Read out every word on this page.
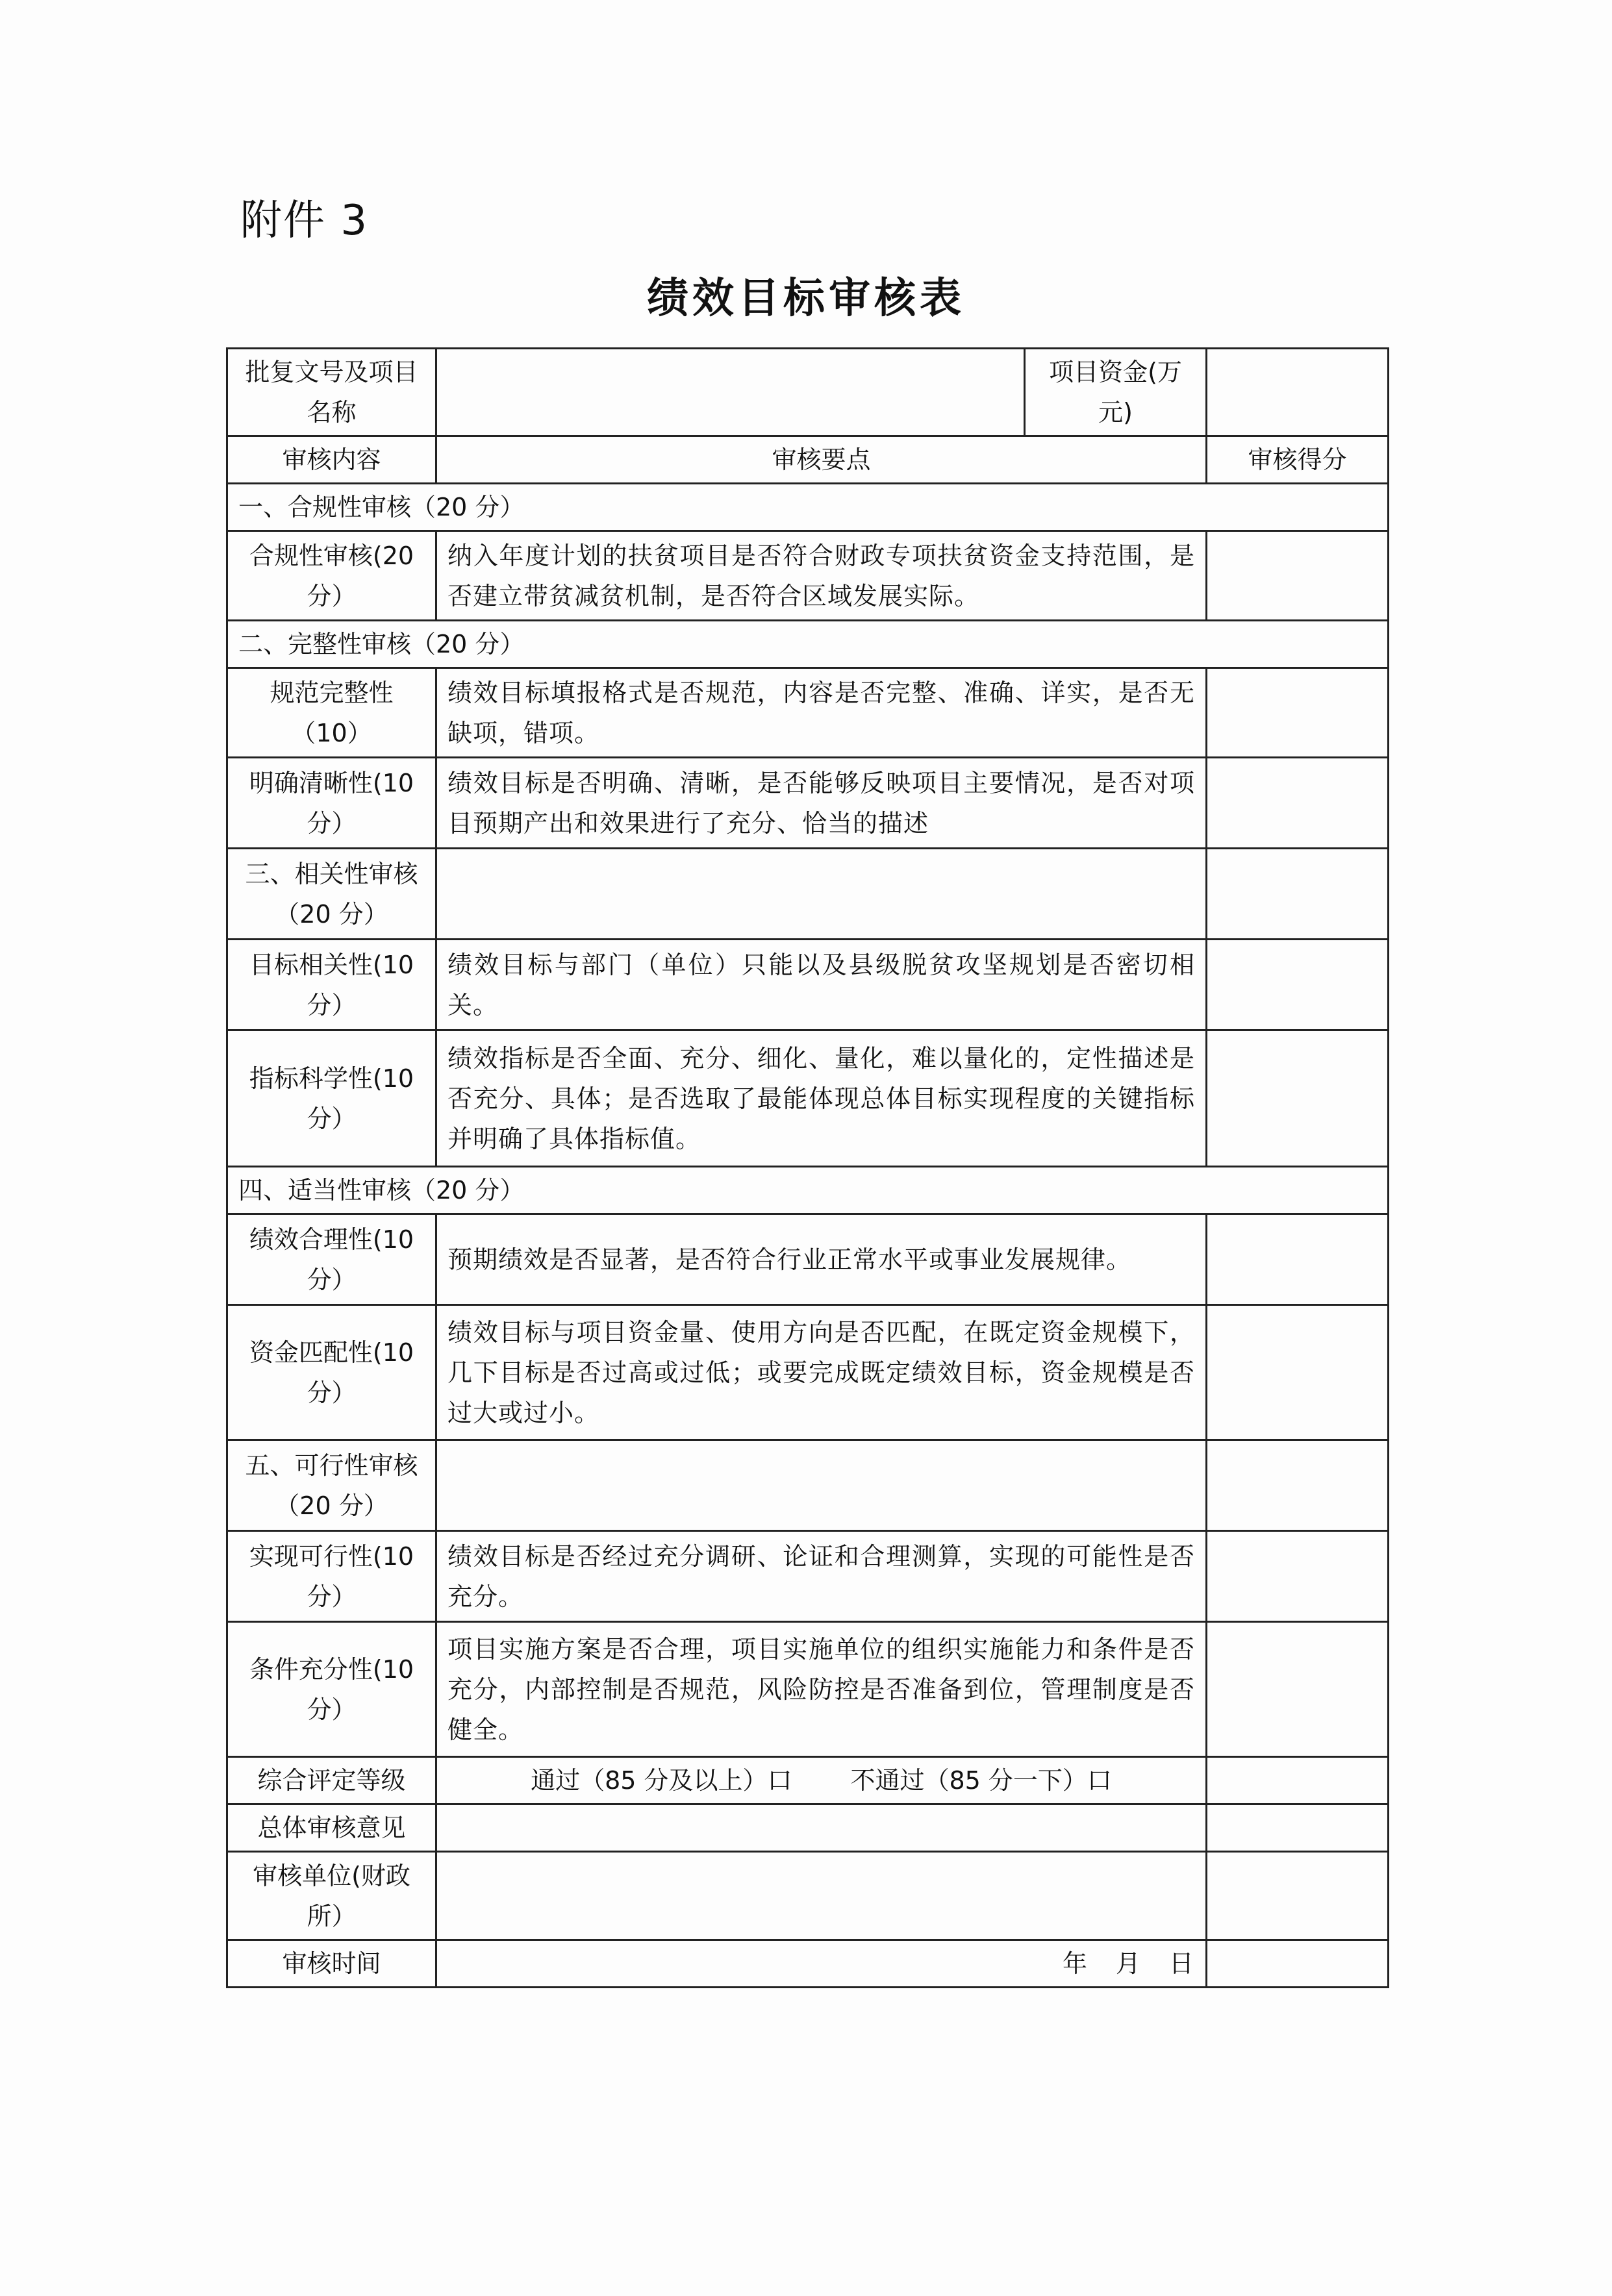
附件 3
绩效目标审核表
批复文号及项目名称		项目资金(万元)	
审核内容	审核要点		审核得分
一、合规性审核（20 分）			
合规性审核(20分）	纳入年度计划的扶贫项目是否符合财政专项扶贫资金支持范围，是否建立带贫减贫机制，是否符合区域发展实际。		
二、完整性审核（20 分）			
规范完整性（10）	绩效目标填报格式是否规范，内容是否完整、准确、详实，是否无缺项，错项。		
明确清晰性(10分）	绩效目标是否明确、清晰，是否能够反映项目主要情况，是否对项目预期产出和效果进行了充分、恰当的描述		
三、相关性审核（20 分）			
目标相关性(10分）	绩效目标与部门（单位）只能以及县级脱贫攻坚规划是否密切相关。		
指标科学性(10分）	绩效指标是否全面、充分、细化、量化，难以量化的，定性描述是否充分、具体；是否选取了最能体现总体目标实现程度的关键指标并明确了具体指标值。		
四、适当性审核（20 分）			
绩效合理性(10分）	预期绩效是否显著，是否符合行业正常水平或事业发展规律。		
资金匹配性(10分）	绩效目标与项目资金量、使用方向是否匹配，在既定资金规模下，几下目标是否过高或过低；或要完成既定绩效目标，资金规模是否过大或过小。		
五、可行性审核（20 分）			
实现可行性(10分）	绩效目标是否经过充分调研、论证和合理测算，实现的可能性是否充分。		
条件充分性(10分）	项目实施方案是否合理，项目实施单位的组织实施能力和条件是否充分，内部控制是否规范，风险防控是否准备到位，管理制度是否健全。		
综合评定等级	通过（85 分及以上）口 不通过（85 分一下）口		
总体审核意见			
审核单位(财政所）			
审核时间	年 月 日		
